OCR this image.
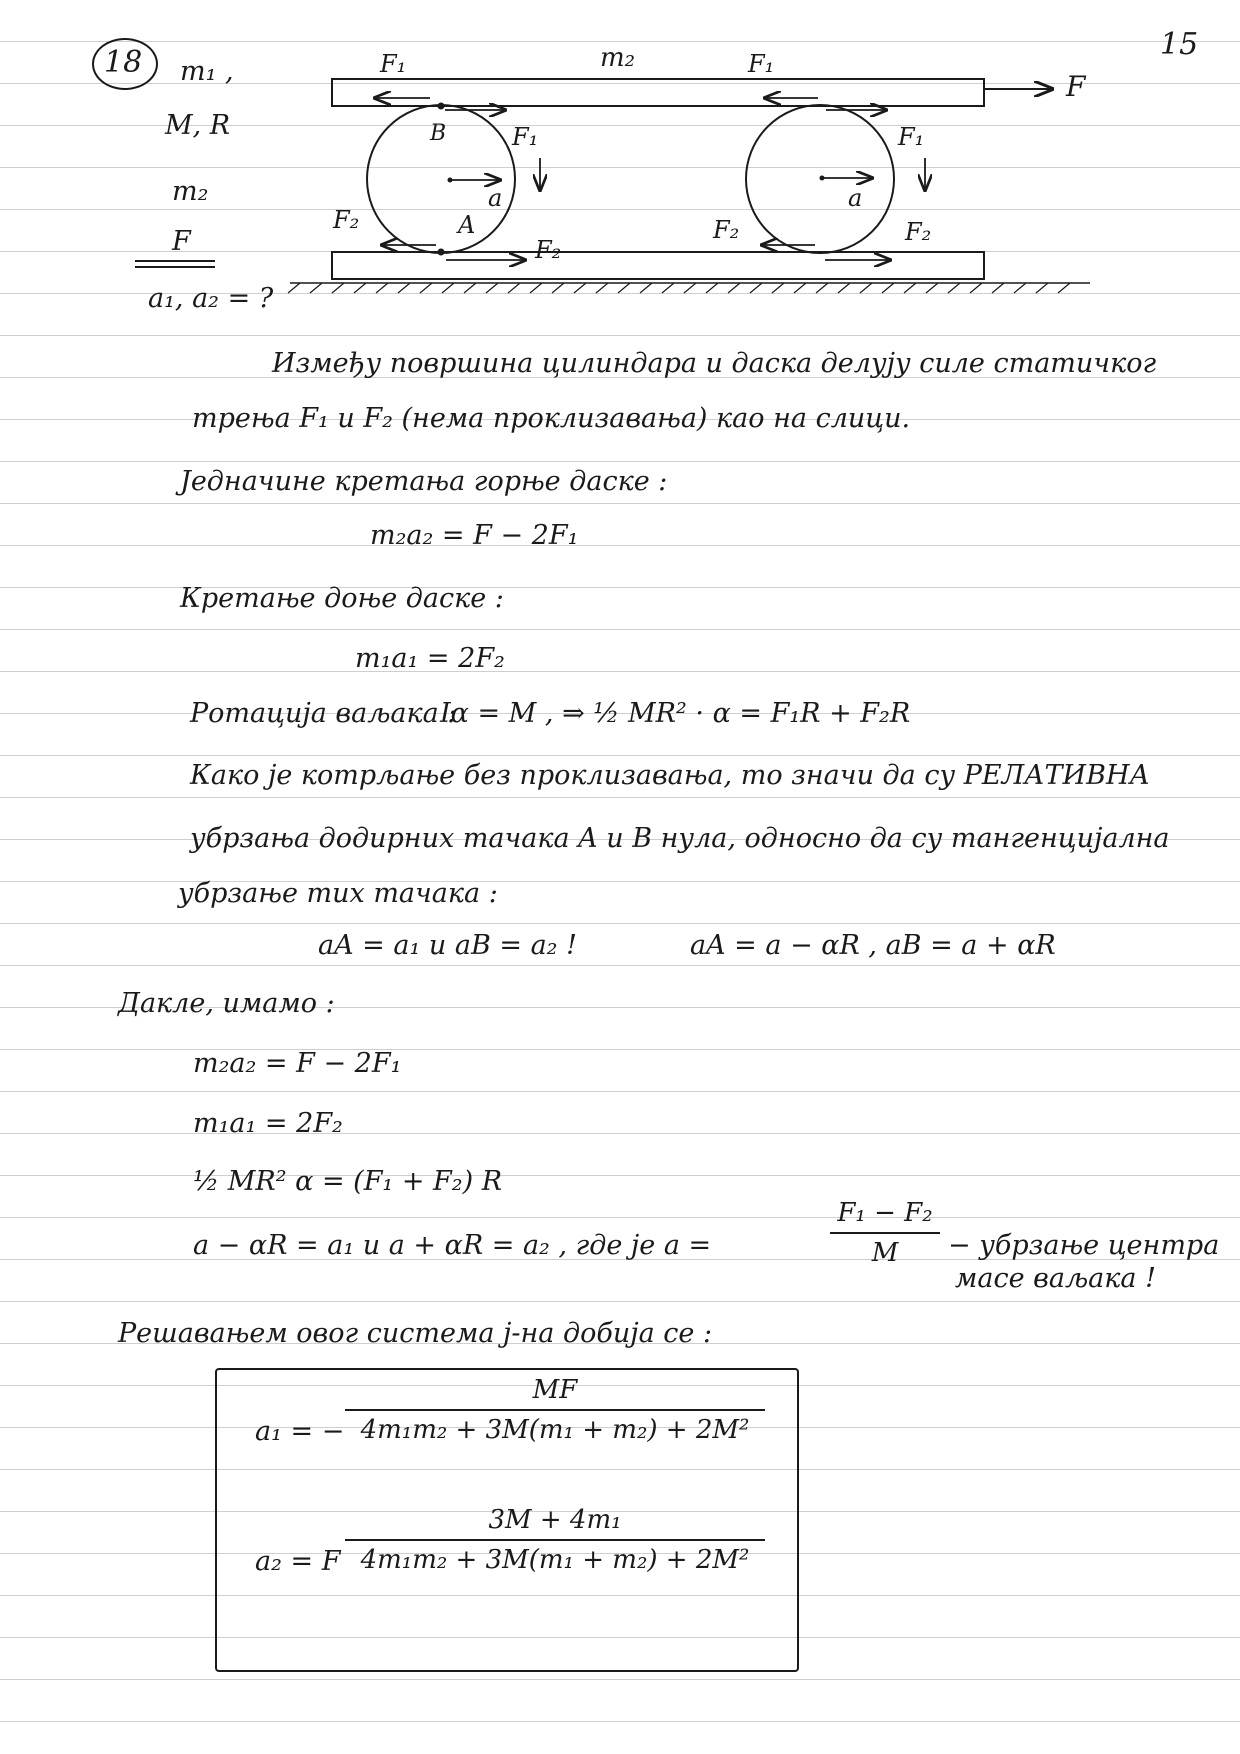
15
18 m₁ ,
M, R
m₂
F
a₁, a₂ = ?
m₂
F
F₁	F₁
F₁	F₁
B
A
a	a
F₂
F₂
F₂	F₂
Између површина цилиндара и даска делују силе статичког
трења F₁ и F₂ (нема проклизавања) као на слици.
Једначине кретања горње даске :
m₂a₂ = F − 2F₁
Кретање доње даске :
m₁a₁ = 2F₂
Ротација ваљака :
Iα = M , ⇒ ½ MR² · α = F₁R + F₂R
Како је котрљање без проклизавања, то значи да су РЕЛАТИВНА
убрзања додирних тачака A и B нула, односно да су тангенцијална
убрзање тих тачака :
aA = a₁ и aB = a₂ !	aA = a − αR , aB = a + αR
Дакле, имамо :
m₂a₂ = F − 2F₁
m₁a₁ = 2F₂
½ MR² α = (F₁ + F₂) R
a − αR = a₁ и a + αR = a₂ , где је a =
F₁ − F₂
M	− убрзање центра
масе ваљака !
Решавањем овог система ј-на добија се :
a₁ = −
MF
4m₁m₂ + 3M(m₁ + m₂) + 2M²
a₂ = F
3M + 4m₁
4m₁m₂ + 3M(m₁ + m₂) + 2M²
